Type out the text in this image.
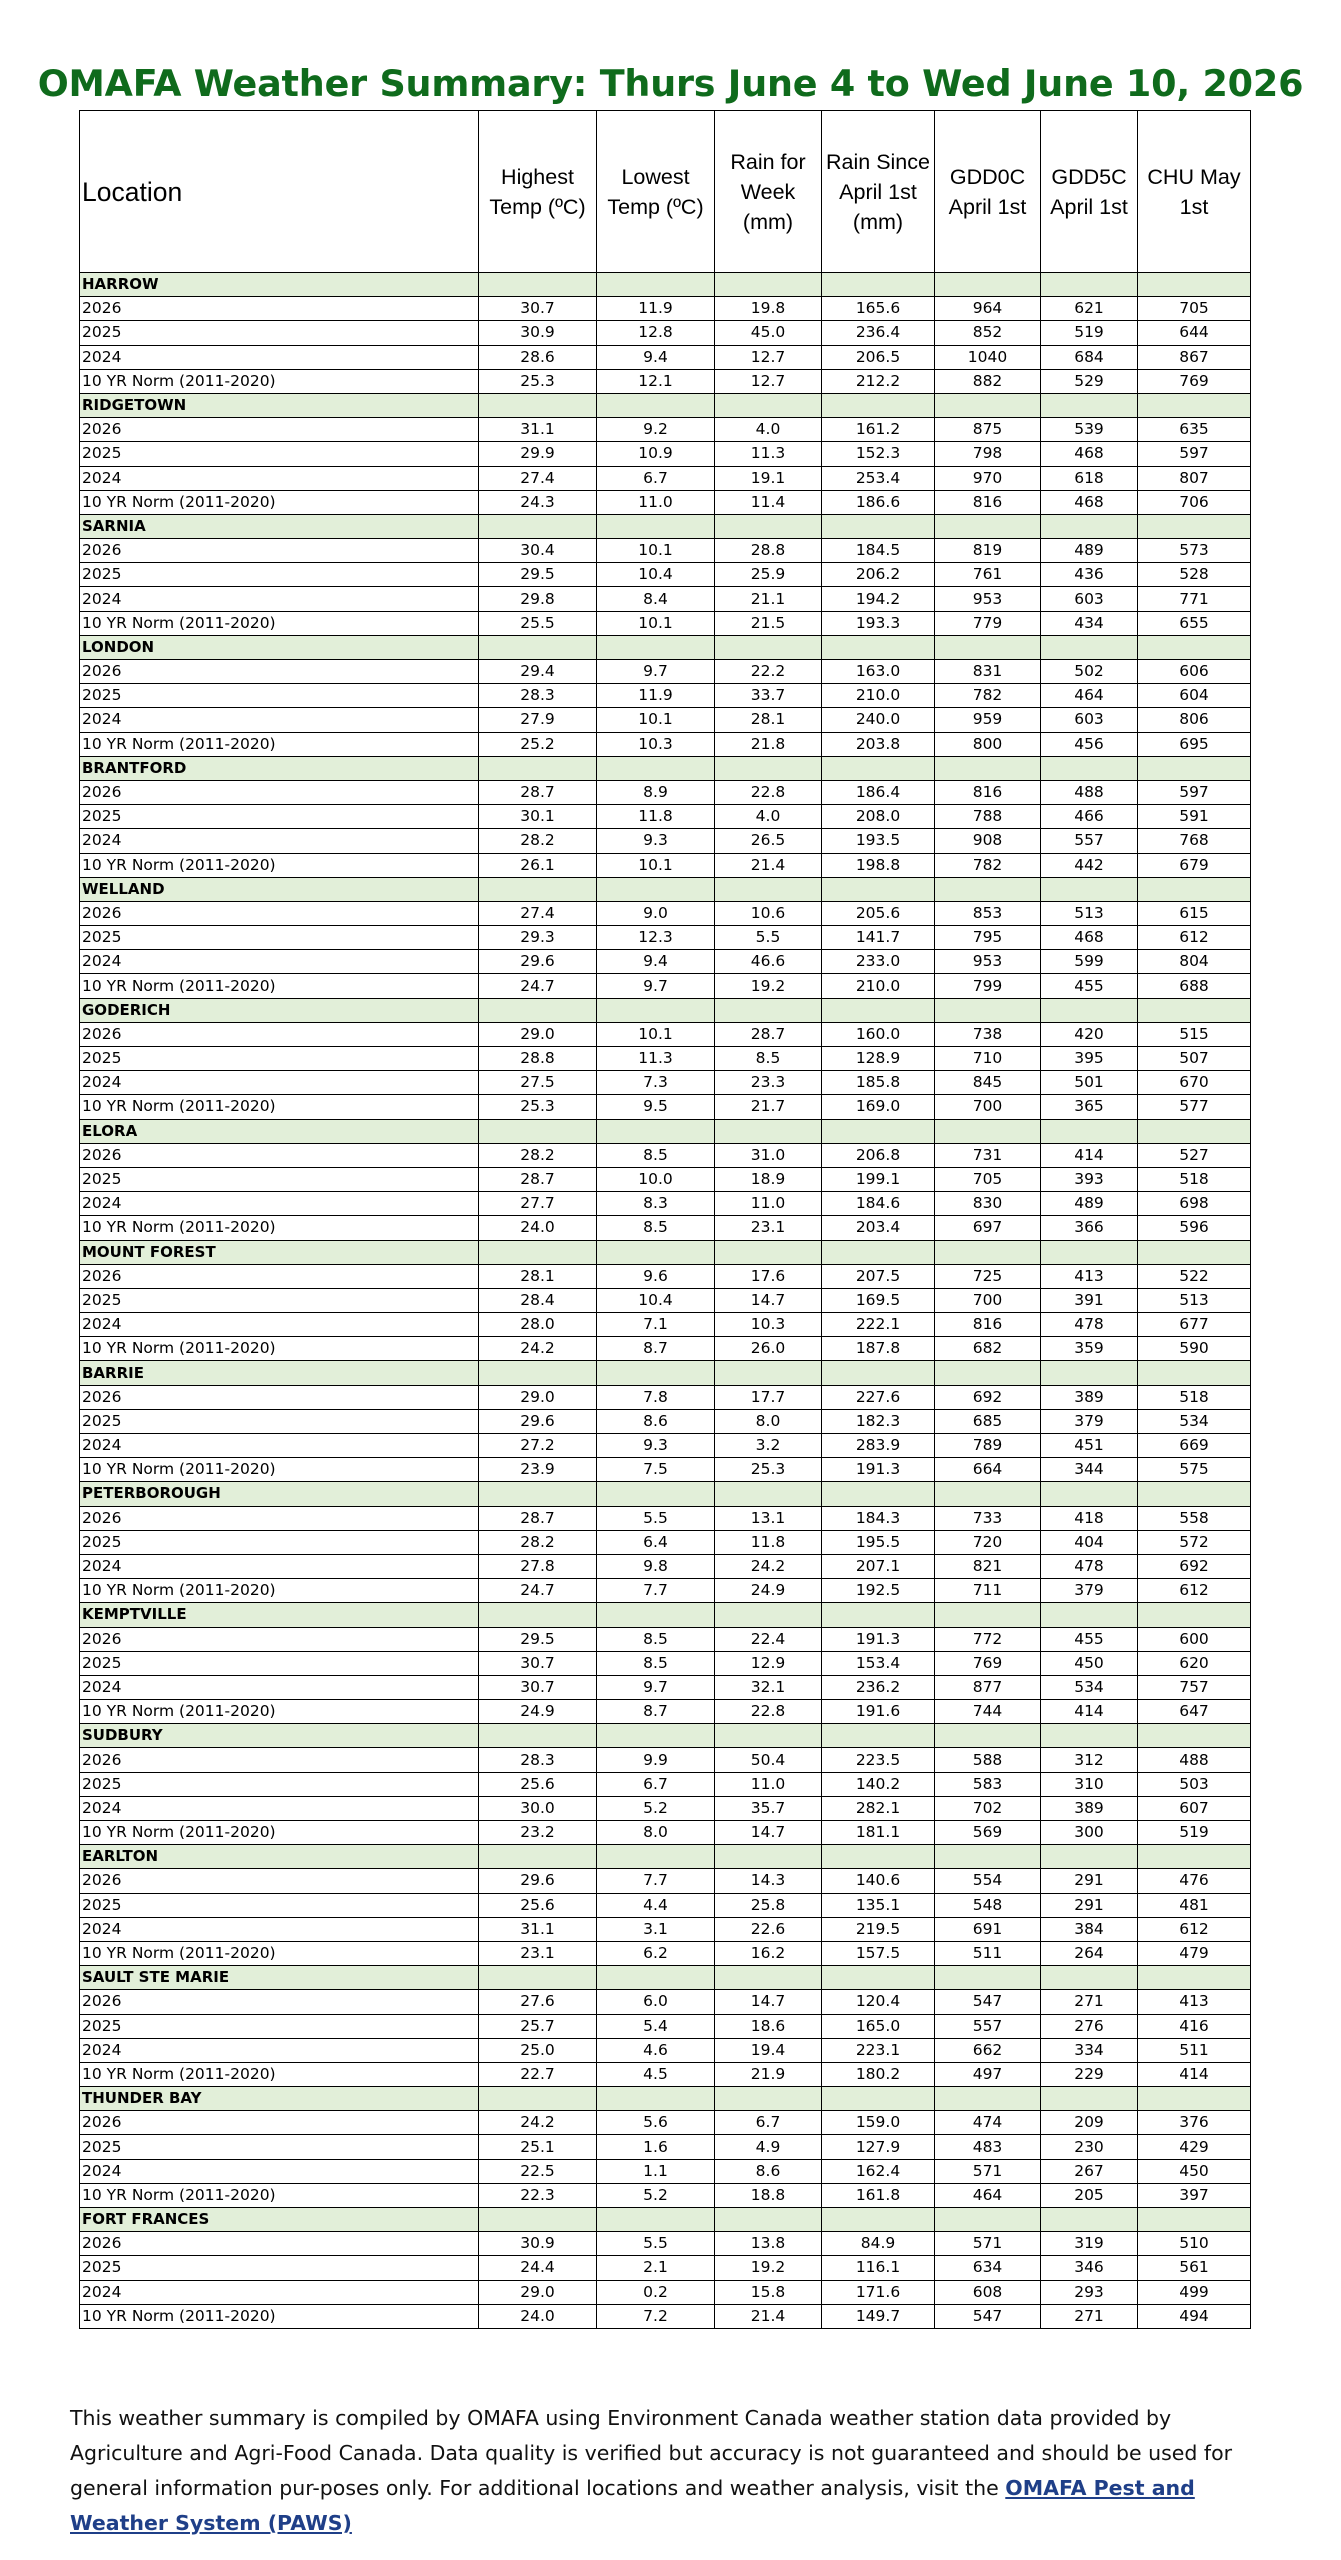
OMAFA Weather Summary: Thurs June 4 to Wed June 10, 2026
Location	Highest Temp (ºC)	Lowest Temp (ºC)	Rain for Week (mm)	Rain Since April 1st (mm)	GDD0C April 1st	GDD5C April 1st	CHU May 1st
HARROW							
2026	30.7	11.9	19.8	165.6	964	621	705
2025	30.9	12.8	45.0	236.4	852	519	644
2024	28.6	9.4	12.7	206.5	1040	684	867
10 YR Norm (2011-2020)	25.3	12.1	12.7	212.2	882	529	769
RIDGETOWN							
2026	31.1	9.2	4.0	161.2	875	539	635
2025	29.9	10.9	11.3	152.3	798	468	597
2024	27.4	6.7	19.1	253.4	970	618	807
10 YR Norm (2011-2020)	24.3	11.0	11.4	186.6	816	468	706
SARNIA							
2026	30.4	10.1	28.8	184.5	819	489	573
2025	29.5	10.4	25.9	206.2	761	436	528
2024	29.8	8.4	21.1	194.2	953	603	771
10 YR Norm (2011-2020)	25.5	10.1	21.5	193.3	779	434	655
LONDON							
2026	29.4	9.7	22.2	163.0	831	502	606
2025	28.3	11.9	33.7	210.0	782	464	604
2024	27.9	10.1	28.1	240.0	959	603	806
10 YR Norm (2011-2020)	25.2	10.3	21.8	203.8	800	456	695
BRANTFORD							
2026	28.7	8.9	22.8	186.4	816	488	597
2025	30.1	11.8	4.0	208.0	788	466	591
2024	28.2	9.3	26.5	193.5	908	557	768
10 YR Norm (2011-2020)	26.1	10.1	21.4	198.8	782	442	679
WELLAND							
2026	27.4	9.0	10.6	205.6	853	513	615
2025	29.3	12.3	5.5	141.7	795	468	612
2024	29.6	9.4	46.6	233.0	953	599	804
10 YR Norm (2011-2020)	24.7	9.7	19.2	210.0	799	455	688
GODERICH							
2026	29.0	10.1	28.7	160.0	738	420	515
2025	28.8	11.3	8.5	128.9	710	395	507
2024	27.5	7.3	23.3	185.8	845	501	670
10 YR Norm (2011-2020)	25.3	9.5	21.7	169.0	700	365	577
ELORA							
2026	28.2	8.5	31.0	206.8	731	414	527
2025	28.7	10.0	18.9	199.1	705	393	518
2024	27.7	8.3	11.0	184.6	830	489	698
10 YR Norm (2011-2020)	24.0	8.5	23.1	203.4	697	366	596
MOUNT FOREST							
2026	28.1	9.6	17.6	207.5	725	413	522
2025	28.4	10.4	14.7	169.5	700	391	513
2024	28.0	7.1	10.3	222.1	816	478	677
10 YR Norm (2011-2020)	24.2	8.7	26.0	187.8	682	359	590
BARRIE							
2026	29.0	7.8	17.7	227.6	692	389	518
2025	29.6	8.6	8.0	182.3	685	379	534
2024	27.2	9.3	3.2	283.9	789	451	669
10 YR Norm (2011-2020)	23.9	7.5	25.3	191.3	664	344	575
PETERBOROUGH							
2026	28.7	5.5	13.1	184.3	733	418	558
2025	28.2	6.4	11.8	195.5	720	404	572
2024	27.8	9.8	24.2	207.1	821	478	692
10 YR Norm (2011-2020)	24.7	7.7	24.9	192.5	711	379	612
KEMPTVILLE							
2026	29.5	8.5	22.4	191.3	772	455	600
2025	30.7	8.5	12.9	153.4	769	450	620
2024	30.7	9.7	32.1	236.2	877	534	757
10 YR Norm (2011-2020)	24.9	8.7	22.8	191.6	744	414	647
SUDBURY							
2026	28.3	9.9	50.4	223.5	588	312	488
2025	25.6	6.7	11.0	140.2	583	310	503
2024	30.0	5.2	35.7	282.1	702	389	607
10 YR Norm (2011-2020)	23.2	8.0	14.7	181.1	569	300	519
EARLTON							
2026	29.6	7.7	14.3	140.6	554	291	476
2025	25.6	4.4	25.8	135.1	548	291	481
2024	31.1	3.1	22.6	219.5	691	384	612
10 YR Norm (2011-2020)	23.1	6.2	16.2	157.5	511	264	479
SAULT STE MARIE							
2026	27.6	6.0	14.7	120.4	547	271	413
2025	25.7	5.4	18.6	165.0	557	276	416
2024	25.0	4.6	19.4	223.1	662	334	511
10 YR Norm (2011-2020)	22.7	4.5	21.9	180.2	497	229	414
THUNDER BAY							
2026	24.2	5.6	6.7	159.0	474	209	376
2025	25.1	1.6	4.9	127.9	483	230	429
2024	22.5	1.1	8.6	162.4	571	267	450
10 YR Norm (2011-2020)	22.3	5.2	18.8	161.8	464	205	397
FORT FRANCES							
2026	30.9	5.5	13.8	84.9	571	319	510
2025	24.4	2.1	19.2	116.1	634	346	561
2024	29.0	0.2	15.8	171.6	608	293	499
10 YR Norm (2011-2020)	24.0	7.2	21.4	149.7	547	271	494
This weather summary is compiled by OMAFA using Environment Canada weather station data provided by Agriculture and Agri-Food Canada. Data quality is verified but accuracy is not guaranteed and should be used for general information pur-poses only. For additional locations and weather analysis, visit the OMAFA Pest and Weather System (PAWS)
